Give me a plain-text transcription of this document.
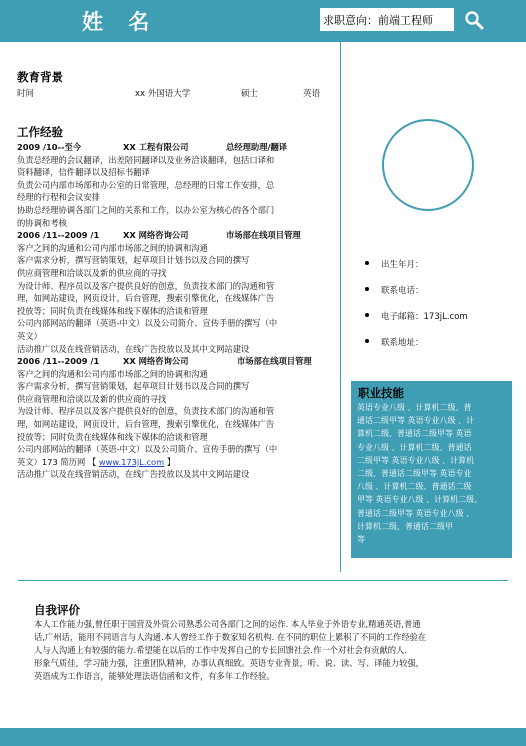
姓 名	求职意向：前端工程师
教育背景
时间	xx 外国语大学	硕士	英语
工作经验
2009 /10--至今	XX 工程有限公司	总经理助理/翻译
负责总经理的会议翻译，出差陪同翻译以及业务洽谈翻译，包括口译和
资料翻译，信件翻译以及招标书翻译
负责公司内部市场部和办公室的日常管理，总经理的日常工作安排，总
经理的行程和会议安排
协助总经理协调各部门之间的关系和工作，以办公室为核心的各个部门
的协调和考核
2006 /11--2009 /1	XX 网络咨询公司	市场部在线项目管理
客户之间的沟通和公司内部市场部之间的协调和沟通
客户需求分析，撰写营销策划，起草项目计划书以及合同的撰写
供应商管理和洽谈以及新的供应商的寻找
为设计师、程序员以及客户提供良好的创意，负责技术部门的沟通和管
理，如网站建设，网页设计，后台管理，搜索引擎优化，在线媒体广告
投放等；同时负责在线媒体和线下媒体的洽谈和管理
公司内部网站的翻译（英语-中文）以及公司简介、宣传手册的撰写（中
英文）
活动推广以及在线营销活动，在线广告投放以及其中文网站建设
2006 /11--2009 /1	XX 网络咨询公司	市场部在线项目管理
客户之间的沟通和公司内部市场部之间的协调和沟通
客户需求分析，撰写营销策划，起草项目计划书以及合同的撰写
供应商管理和洽谈以及新的供应商的寻找
为设计师、程序员以及客户提供良好的创意，负责技术部门的沟通和管
理，如网站建设，网页设计，后台管理，搜索引擎优化，在线媒体广告
投放等；同时负责在线媒体和线下媒体的洽谈和管理
公司内部网站的翻译（英语-中文）以及公司简介、宣传手册的撰写（中
英文）173 简历网 【 www.173jL.com 】
活动推广以及在线营销活动，在线广告投放以及其中文网站建设
出生年月：
联系电话：
电子邮箱：173jL.com
联系地址：
职业技能
英语专业八级 、计算机二级、普
通话二级甲等 英语专业八级 、计
算机二级、普通话二级甲等 英语
专业八级 、计算机二级、普通话
二级甲等 英语专业八级 、计算机
二级、普通话二级甲等 英语专业
八级 、计算机二级、普通话二级
甲等 英语专业八级 、计算机二级、
普通话二级甲等 英语专业八级 、
计算机二级、普通话二级甲
等
自我评价
本人工作能力强,曾任职于国营及外资公司熟悉公司各部门之间的运作. 本人毕业于外语专业,精通英语,普通
话,广州话，能用不同语言与人沟通.本人曾经工作于数家知名机构. 在不同的职位上累积了不同的工作经验在
人与人沟通上有较强的能力.希望能在以后的工作中发挥自己的专长回馈社会.作一个对社会有贡献的人.
形象气质佳，学习能力强，注重团队精神，办事认真细致。英语专业背景，听、说、读、写、译能力较强，
英语成为工作语言，能够处理法语信函和文件，有多年工作经验。
